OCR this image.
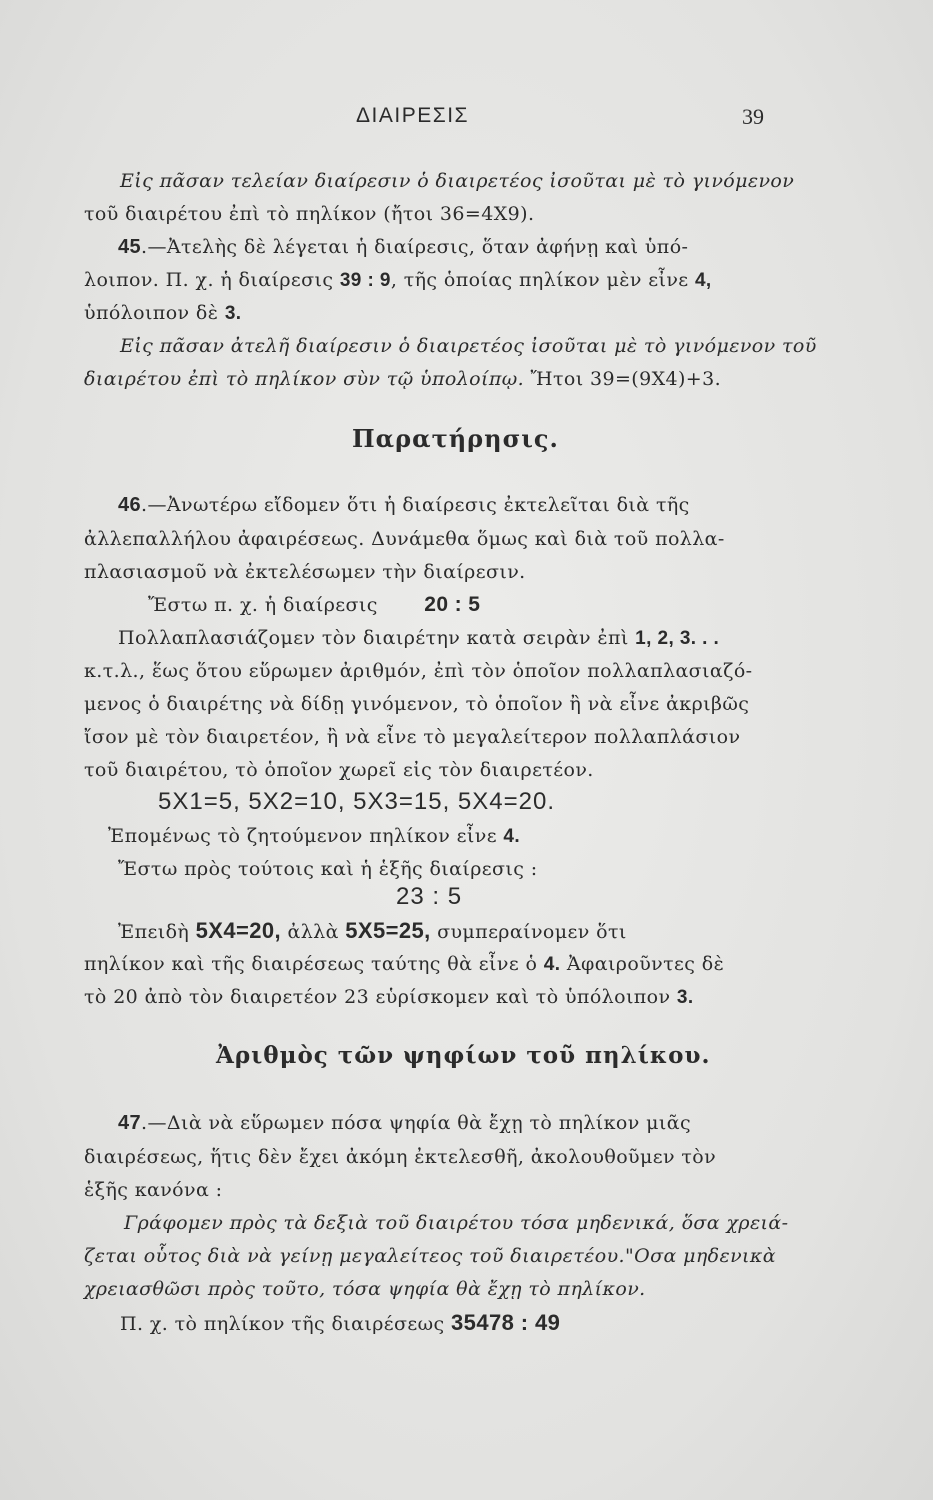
ΔΙΑΙΡΕΣΙΣ	39
Εἰς πᾶσαν τελείαν διαίρεσιν ὁ διαιρετέος ἰσοῦται μὲ τὸ γινόμενον
τοῦ διαιρέτου ἐπὶ τὸ πηλίκον (ἤτοι 36=4X9).
45.—Ἀτελὴς δὲ λέγεται ἡ διαίρεσις, ὅταν ἀφήνῃ καὶ ὑπό-
λοιπον. Π. χ. ἡ διαίρεσις 39 : 9, τῆς ὁποίας πηλίκον μὲν εἶνε 4,
ὑπόλοιπον δὲ 3.
Εἰς πᾶσαν ἀτελῆ διαίρεσιν ὁ διαιρετέος ἰσοῦται μὲ τὸ γινόμενον τοῦ
διαιρέτου ἐπὶ τὸ πηλίκον σὺν τῷ ὑπολοίπῳ. Ἤτοι 39=(9X4)+3.
Παρατήρησις.
46.—Ἀνωτέρω εἴδομεν ὅτι ἡ διαίρεσις ἐκτελεῖται διὰ τῆς
ἀλλεπαλλήλου ἀφαιρέσεως. Δυνάμεθα ὅμως καὶ διὰ τοῦ πολλα-
πλασιασμοῦ νὰ ἐκτελέσωμεν τὴν διαίρεσιν.
Ἔστω π. χ. ἡ διαίρεσις 20 : 5
Πολλαπλασιάζομεν τὸν διαιρέτην κατὰ σειρὰν ἐπὶ 1, 2, 3. . .
κ.τ.λ., ἕως ὅτου εὕρωμεν ἀριθμόν, ἐπὶ τὸν ὁποῖον πολλαπλασιαζό-
μενος ὁ διαιρέτης νὰ δίδῃ γινόμενον, τὸ ὁποῖον ἢ νὰ εἶνε ἀκριβῶς
ἴσον μὲ τὸν διαιρετέον, ἢ νὰ εἶνε τὸ μεγαλείτερον πολλαπλάσιον
τοῦ διαιρέτου, τὸ ὁποῖον χωρεῖ εἰς τὸν διαιρετέον.
5X1=5, 5X2=10, 5X3=15, 5X4=20.
Ἐπομένως τὸ ζητούμενον πηλίκον εἶνε 4.
Ἔστω πρὸς τούτοις καὶ ἡ ἑξῆς διαίρεσις :
23 : 5
Ἐπειδὴ 5X4=20, ἀλλὰ 5X5=25, συμπεραίνομεν ὅτι
πηλίκον καὶ τῆς διαιρέσεως ταύτης θὰ εἶνε ὁ 4. Ἀφαιροῦντες δὲ
τὸ 20 ἀπὸ τὸν διαιρετέον 23 εὑρίσκομεν καὶ τὸ ὑπόλοιπον 3.
Ἀριθμὸς τῶν ψηφίων τοῦ πηλίκου.
47.—Διὰ νὰ εὕρωμεν πόσα ψηφία θὰ ἔχῃ τὸ πηλίκον μιᾶς
διαιρέσεως, ἥτις δὲν ἔχει ἀκόμη ἐκτελεσθῆ, ἀκολουθοῦμεν τὸν
ἑξῆς κανόνα :
Γράφομεν πρὸς τὰ δεξιὰ τοῦ διαιρέτου τόσα μηδενικά, ὅσα χρειά-
ζεται οὗτος διὰ νὰ γείνῃ μεγαλείτεος τοῦ διαιρετέου."Οσα μηδενικὰ
χρειασθῶσι πρὸς τοῦτο, τόσα ψηφία θὰ ἔχῃ τὸ πηλίκον.
Π. χ. τὸ πηλίκον τῆς διαιρέσεως 35478 : 49
